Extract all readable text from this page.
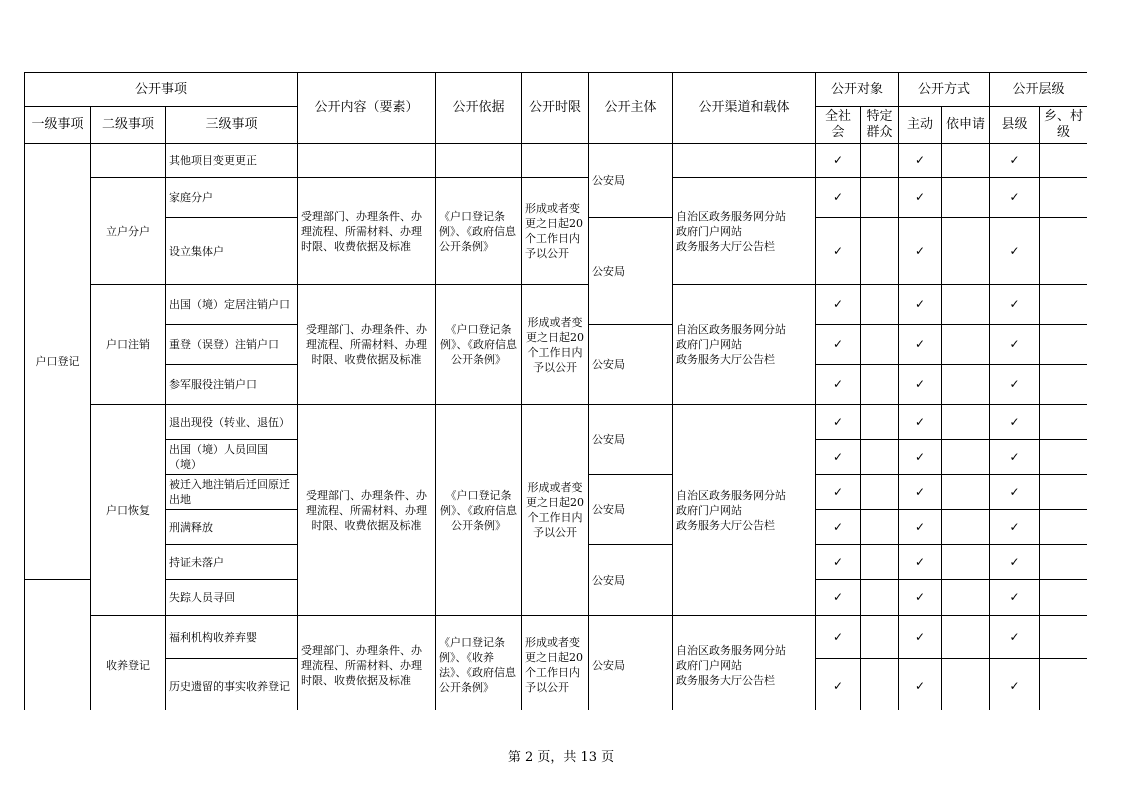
公开事项			公开内容（要素）	公开依据	公开时限	公开主体	公开渠道和载体	公开对象		公开方式		公开层级	
一级事项	二级事项	三级事项						全社会	特定群众	主动	依申请	县级	乡、村级
户口登记		其他项目变更更正				公安局		✓		✓		✓	
	立户分户	家庭分户	受理部门、办理条件、办理流程、所需材料、办理时限、收费依据及标准	《户口登记条例》、《政府信息公开条例》	形成或者变更之日起20个工作日内予以公开		自治区政务服务网分站
政府门户网站
政务服务大厅公告栏	✓		✓		✓	
		设立集体户				公安局		✓		✓		✓	
	户口注销	出国（境）定居注销户口	受理部门、办理条件、办理流程、所需材料、办理时限、收费依据及标准	《户口登记条例》、《政府信息公开条例》	形成或者变更之日起20个工作日内予以公开		自治区政务服务网分站
政府门户网站
政务服务大厅公告栏	✓		✓		✓	
		重登（误登）注销户口				公安局		✓		✓		✓	
		参军服役注销户口						✓		✓		✓	
	户口恢复	退出现役（转业、退伍）	受理部门、办理条件、办理流程、所需材料、办理时限、收费依据及标准	《户口登记条例》、《政府信息公开条例》	形成或者变更之日起20个工作日内予以公开	公安局	自治区政务服务网分站
政府门户网站
政务服务大厅公告栏	✓		✓		✓	
		出国（境）人员回国（境）						✓		✓		✓	
		被迁入地注销后迁回原迁出地				公安局		✓		✓		✓	
		刑满释放						✓		✓		✓	
		持证未落户				公安局		✓		✓		✓	
		失踪人员寻回						✓		✓		✓	
	收养登记	福利机构收养弃婴	受理部门、办理条件、办理流程、所需材料、办理时限、收费依据及标准	《户口登记条例》、《收养法》、《政府信息公开条例》	形成或者变更之日起20个工作日内予以公开	公安局	自治区政务服务网分站
政府门户网站
政务服务大厅公告栏	✓		✓		✓	
		历史遗留的事实收养登记						✓		✓		✓	
第 2 页，共 13 页
